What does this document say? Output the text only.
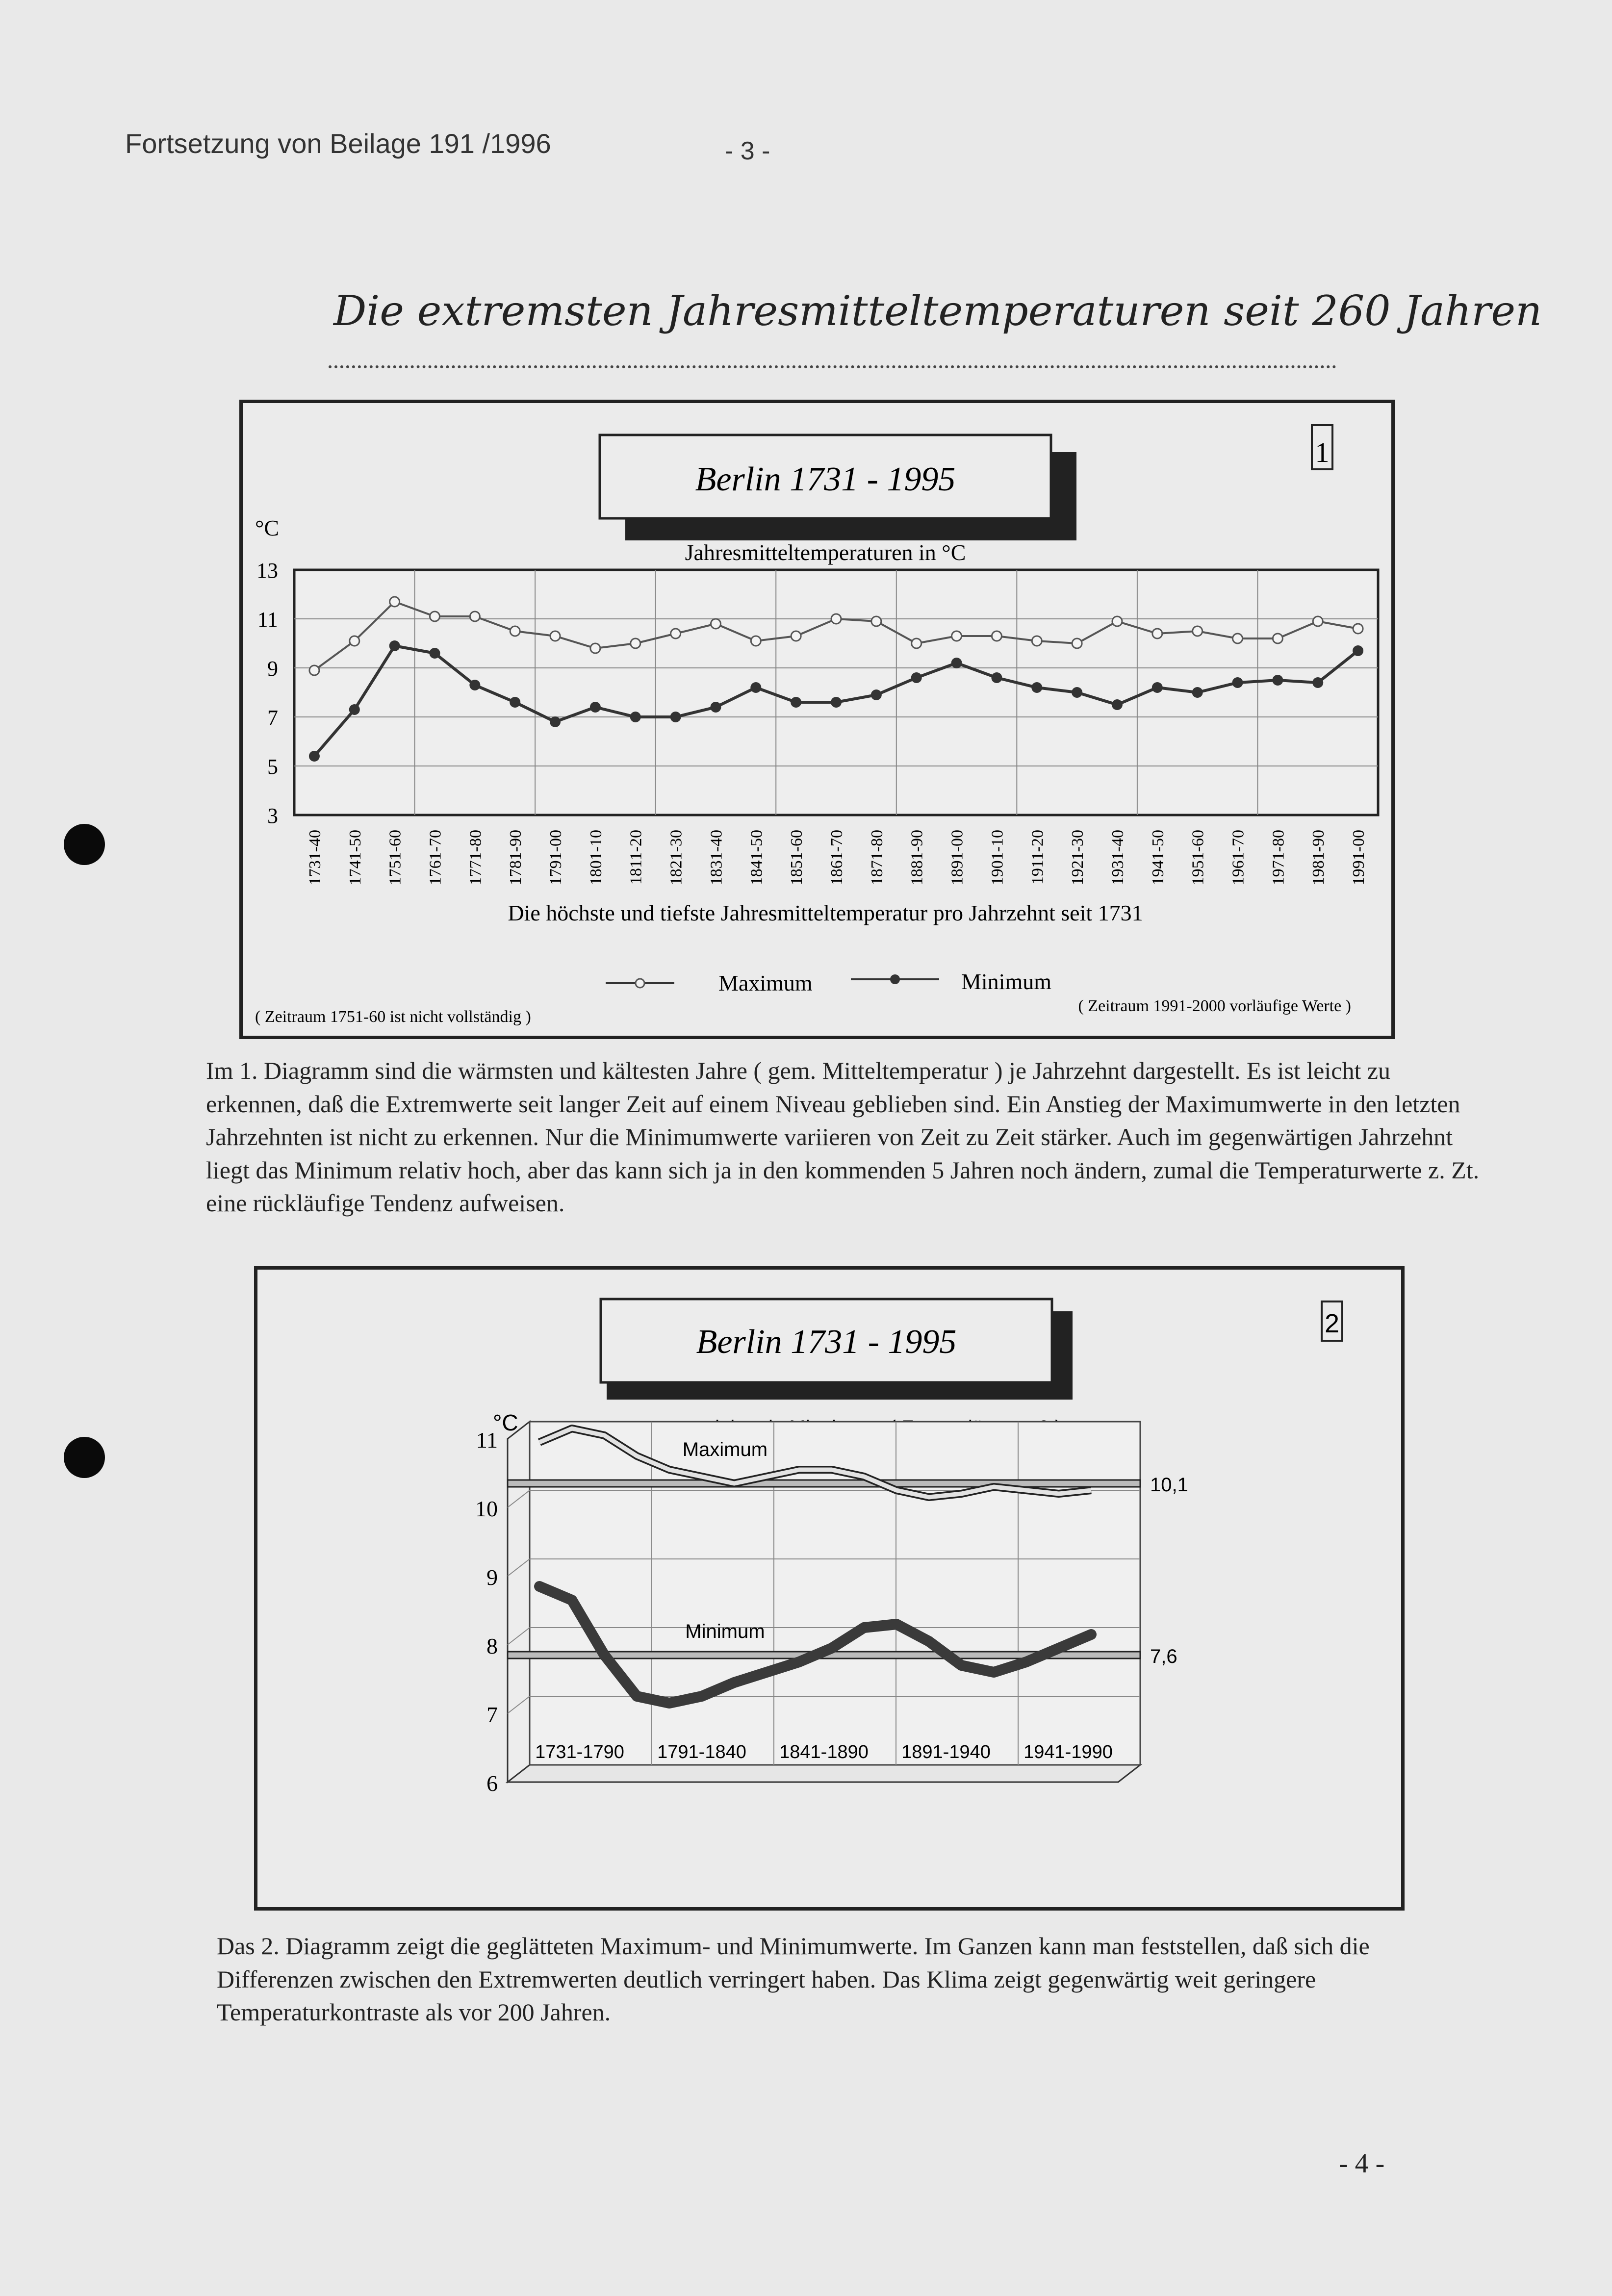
Fortsetzung von Beilage 191 /1996	- 3 -
Die extremsten Jahresmitteltemperaturen seit 260 Jahren
Berlin 1731 - 1995
1
°C
Jahresmitteltemperaturen in °C
3
5
7
9
11
13
1731-40 1741-50 1751-60 1761-70 1771-80 1781-90 1791-00 1801-10 1811-20 1821-30 1831-40 1841-50 1851-60 1861-70 1871-80 1881-90 1891-00 1901-10 1911-20 1921-30 1931-40 1941-50 1951-60 1961-70 1971-80 1981-90 1991-00
Die höchste und tiefste Jahresmitteltemperatur pro Jahrzehnt seit 1731
Maximum	Minimum
( Zeitraum 1751-60 ist nicht vollständig )
( Zeitraum 1991-2000 vorläufige Werte )
Im 1. Diagramm sind die wärmsten und kältesten Jahre ( gem. Mitteltemperatur ) je Jahrzehnt dargestellt. Es ist leicht zu erkennen, daß die Extremwerte seit langer Zeit auf einem Niveau geblieben sind. Ein Anstieg der Maximumwerte in den letzten Jahrzehnten ist nicht zu erkennen. Nur die Minimumwerte variieren von Zeit zu Zeit stärker. Auch im gegenwärtigen Jahrzehnt liegt das Minimum relativ hoch, aber das kann sich ja in den kommenden 5 Jahren noch ändern, zumal die Temperaturwerte z. Zt. eine rückläufige Tendenz aufweisen.
Berlin 1731 - 1995	2
°C
6
7
8
9
10
11
1731-1790 1791-1840 1841-1890 1891-1940 1941-1990
10,1
Maximum
7,6
Minimum
Das 2. Diagramm zeigt die geglätteten Maximum- und Minimumwerte. Im Ganzen kann man feststellen, daß sich die Differenzen zwischen den Extremwerten deutlich verringert haben. Das Klima zeigt gegenwärtig weit geringere Temperaturkontraste als vor 200 Jahren.
- 4 -
